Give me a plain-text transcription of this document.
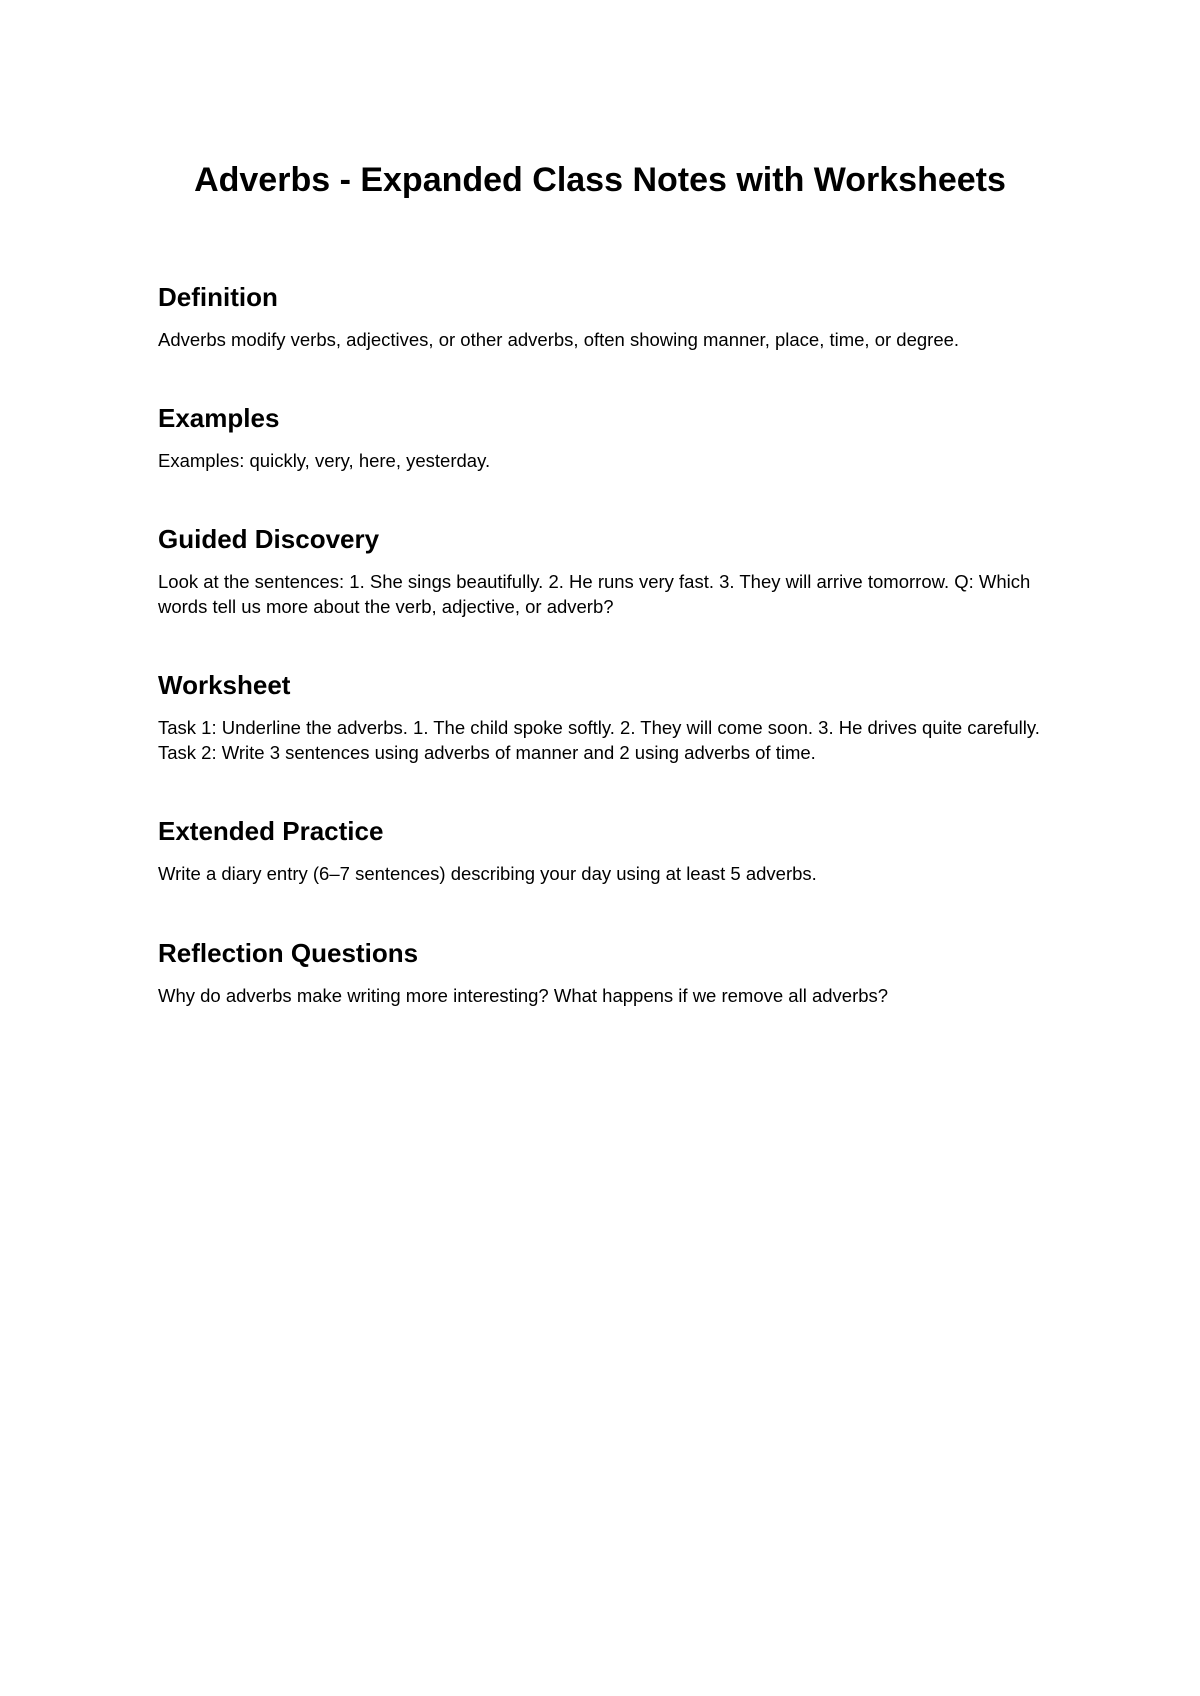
Adverbs - Expanded Class Notes with Worksheets
Definition

Adverbs modify verbs, adjectives, or other adverbs, often showing manner, place, time, or degree.

Examples

Examples: quickly, very, here, yesterday.

Guided Discovery

Look at the sentences: 1. She sings beautifully. 2. He runs very fast. 3. They will arrive tomorrow. Q: Which words tell us more about the verb, adjective, or adverb?

Worksheet

Task 1: Underline the adverbs. 1. The child spoke softly. 2. They will come soon. 3. He drives quite carefully. Task 2: Write 3 sentences using adverbs of manner and 2 using adverbs of time.

Extended Practice

Write a diary entry (6–7 sentences) describing your day using at least 5 adverbs.

Reflection Questions

Why do adverbs make writing more interesting? What happens if we remove all adverbs?
